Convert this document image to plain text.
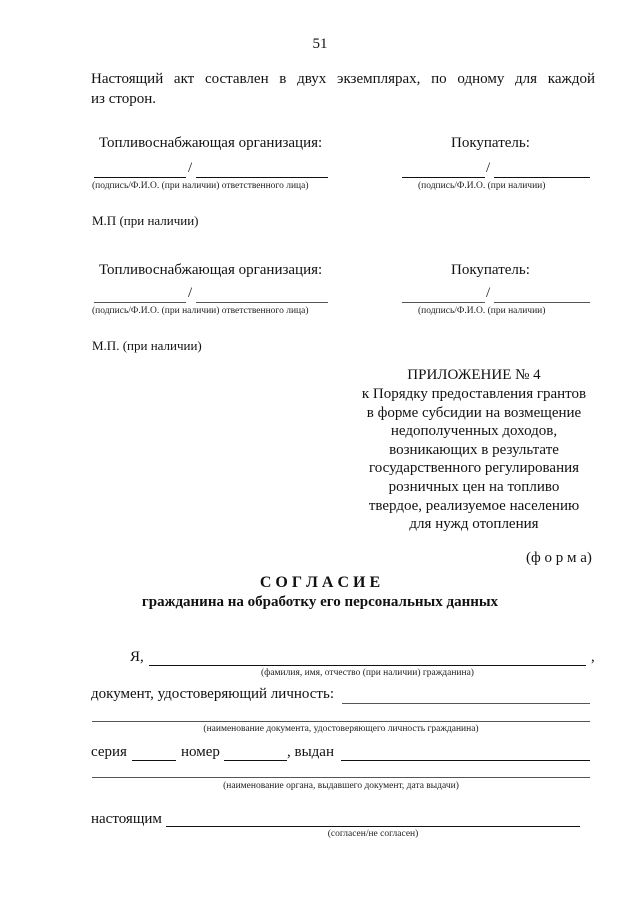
51
Настоящий акт составлен в двух экземплярах, по одному для каждой
из сторон.
Топливоснабжающая организация:	Покупатель:
/	/
(подпись/Ф.И.О. (при наличии) ответственного лица)	(подпись/Ф.И.О. (при наличии)
М.П (при наличии)
Топливоснабжающая организация:	Покупатель:
/	/
(подпись/Ф.И.О. (при наличии) ответственного лица)	(подпись/Ф.И.О. (при наличии)
М.П. (при наличии)
ПРИЛОЖЕНИЕ № 4
к Порядку предоставления грантов
в форме субсидии на возмещение
недополученных доходов,
возникающих в результате
государственного регулирования
розничных цен на топливо
твердое, реализуемое населению
для нужд отопления
(ф о р м а)
С О Г Л А С И Е
гражданина на обработку его персональных данных
Я,	,
(фамилия, имя, отчество (при наличии) гражданина)
документ, удостоверяющий личность:
(наименование документа, удостоверяющего личность гражданина)
серия	номер	, выдан
(наименование органа, выдавшего документ, дата выдачи)
настоящим
(согласен/не согласен)
